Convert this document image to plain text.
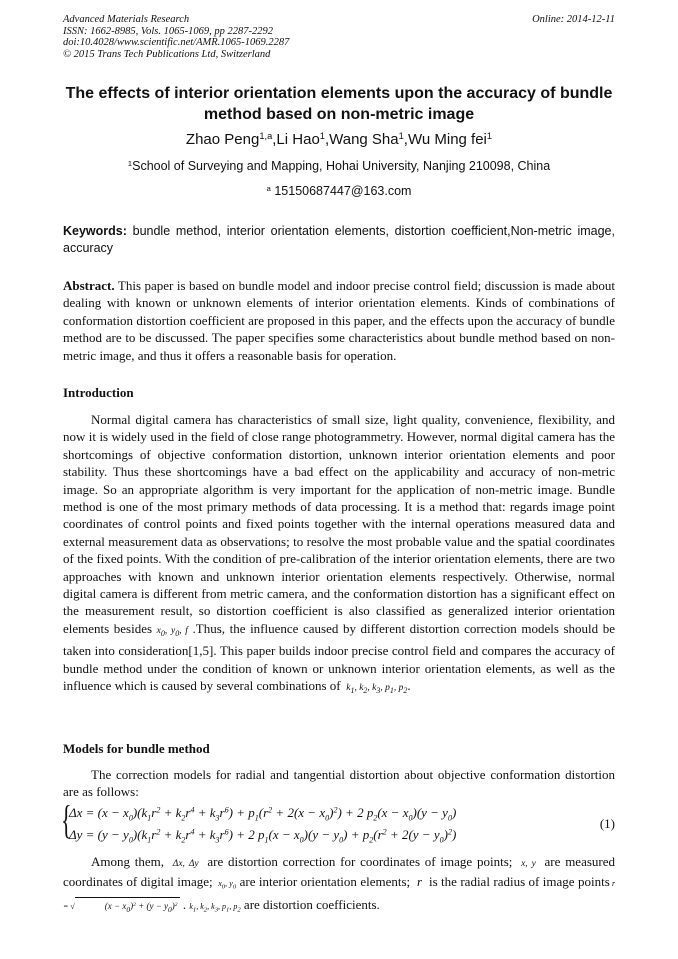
Advanced Materials Research
ISSN: 1662-8985, Vols. 1065-1069, pp 2287-2292
doi:10.4028/www.scientific.net/AMR.1065-1069.2287
© 2015 Trans Tech Publications Ltd, Switzerland
Online: 2014-12-11
The effects of interior orientation elements upon the accuracy of bundle
method based on non-metric image
Zhao Peng$^{1,a}$,Li Hao$^1$,Wang Sha$^1$,Wu Ming fei$^1$
$^1$School of Surveying and Mapping, Hohai University, Nanjing 210098, China
$^a$ 15150687447@163.com
Keywords: bundle method, interior orientation elements, distortion coefficient,Non-metric image, accuracy
Abstract. This paper is based on bundle model and indoor precise control field; discussion is made about dealing with known or unknown elements of interior orientation elements. Kinds of combinations of conformation distortion coefficient are proposed in this paper, and the effects upon the accuracy of bundle method are to be discussed. The paper specifies some characteristics about bundle method based on non-metric image, and thus it offers a reasonable basis for operation.
Introduction
Normal digital camera has characteristics of small size, light quality, convenience, flexibility, and now it is widely used in the field of close range photogrammetry. However, normal digital camera has the shortcomings of objective conformation distortion, unknown interior orientation elements and poor stability. Thus these shortcomings have a bad effect on the applicability and accuracy of non-metric image. So an appropriate algorithm is very important for the application of non-metric image. Bundle method is one of the most primary methods of data processing. It is a method that: regards image point coordinates of control points and fixed points together with the internal operations measured data and external measurement data as observations; to resolve the most probable value and the spatial coordinates of the fixed points. With the condition of pre-calibration of the interior orientation elements, there are two approaches with known and unknown interior orientation elements respectively. Otherwise, normal digital camera is different from metric camera, and the conformation distortion has a significant effect on the measurement result, so distortion coefficient is also classified as generalized interior orientation elements besides $x_0$, $y_0$, f .Thus, the influence caused by different distortion correction models should be taken into consideration[1,5]. This paper builds indoor precise control field and compares the accuracy of bundle method under the condition of known or unknown interior orientation elements, as well as the influence which is caused by several combinations of  $k_1$, $k_2$, $k_3$, $p_1$, $p_2$.
Models for bundle method
The correction models for radial and tangential distortion about objective conformation distortion are as follows:
{
$\Delta x = (x - x_0)(k_1r^2 + k_2r^4 + k_3r^6) + p_1(r^2 + 2(x - x_0)^2) + 2$ $p_2(x - x_0)(y - y_0)$
$\Delta y = (y - y_0)(k_1r^2 + k_2r^4 + k_3r^6) + 2$ $p_1(x - x_0)(y - y_0) + p_2(r^2 + 2(y - y_0)^2)$
(1)
Among them,  Δx, Δy  are distortion correction for coordinates of image points;  x, y  are measured coordinates of digital image;  $x_0$, $y_0$ are interior orientation elements;  r  is the radial radius of image points r = √	$(x - x_0)^2 + (y - y_0)^2$ . $k_1$, $k_2$, $k_3$, $p_1$, $p_2$ are distortion coefficients.
